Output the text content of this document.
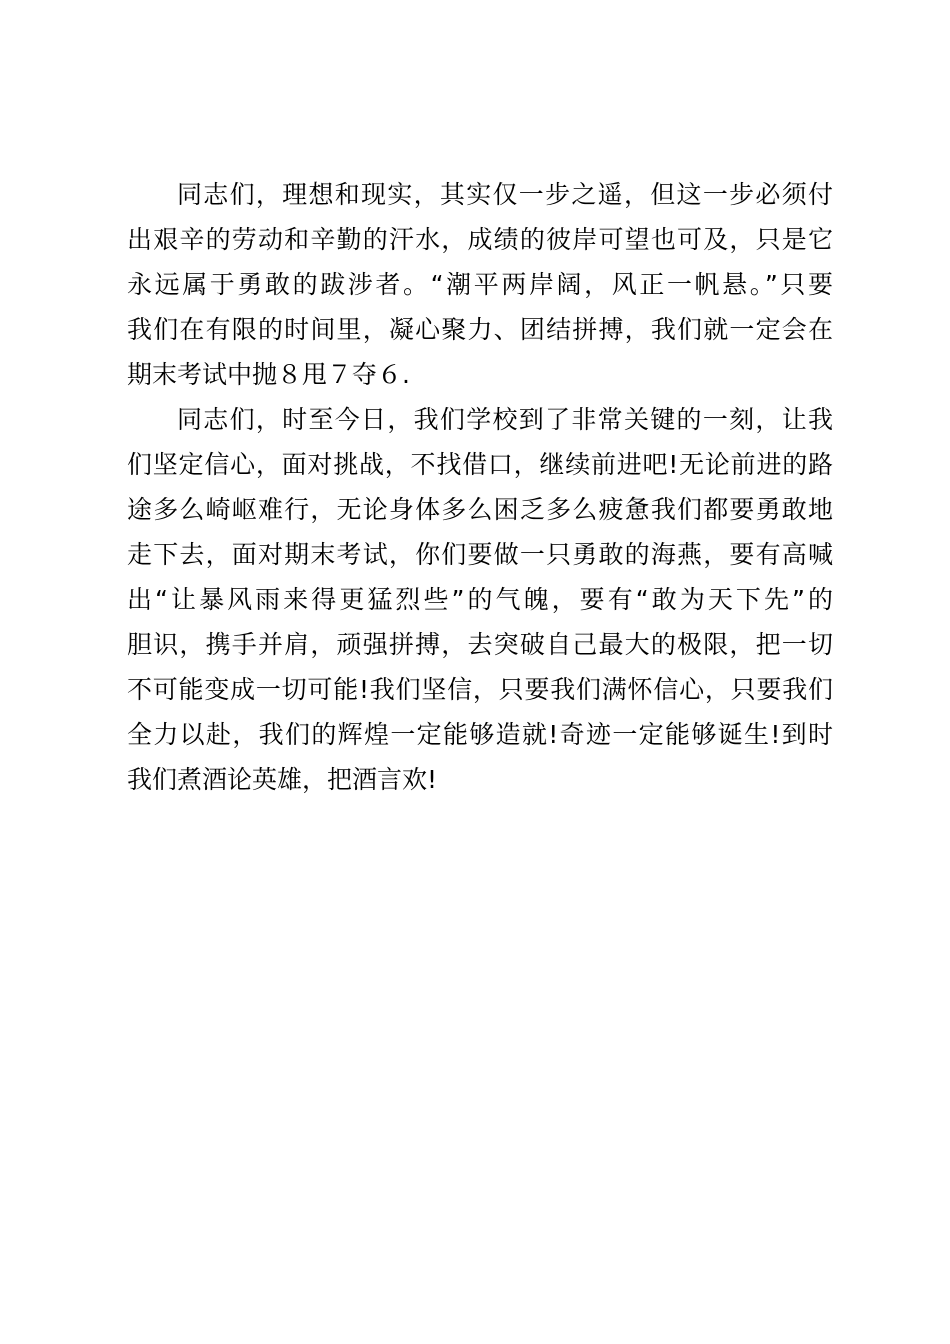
同志们，理想和现实，其实仅一步之遥，但这一步必须付
出艰辛的劳动和辛勤的汗水，成绩的彼岸可望也可及，只是它
永远属于勇敢的跋涉者。“潮平两岸阔，风正一帆悬。”只要
我们在有限的时间里，凝心聚力、团结拼搏，我们就一定会在
期末考试中抛８甩７夺６.
同志们，时至今日，我们学校到了非常关键的一刻，让我
们坚定信心，面对挑战，不找借口，继续前进吧!无论前进的路
途多么崎岖难行，无论身体多么困乏多么疲惫我们都要勇敢地
走下去，面对期末考试，你们要做一只勇敢的海燕，要有高喊
出“让暴风雨来得更猛烈些”的气魄，要有“敢为天下先”的
胆识，携手并肩，顽强拼搏，去突破自己最大的极限，把一切
不可能变成一切可能!我们坚信，只要我们满怀信心，只要我们
全力以赴，我们的辉煌一定能够造就!奇迹一定能够诞生!到时
我们煮酒论英雄，把酒言欢!
